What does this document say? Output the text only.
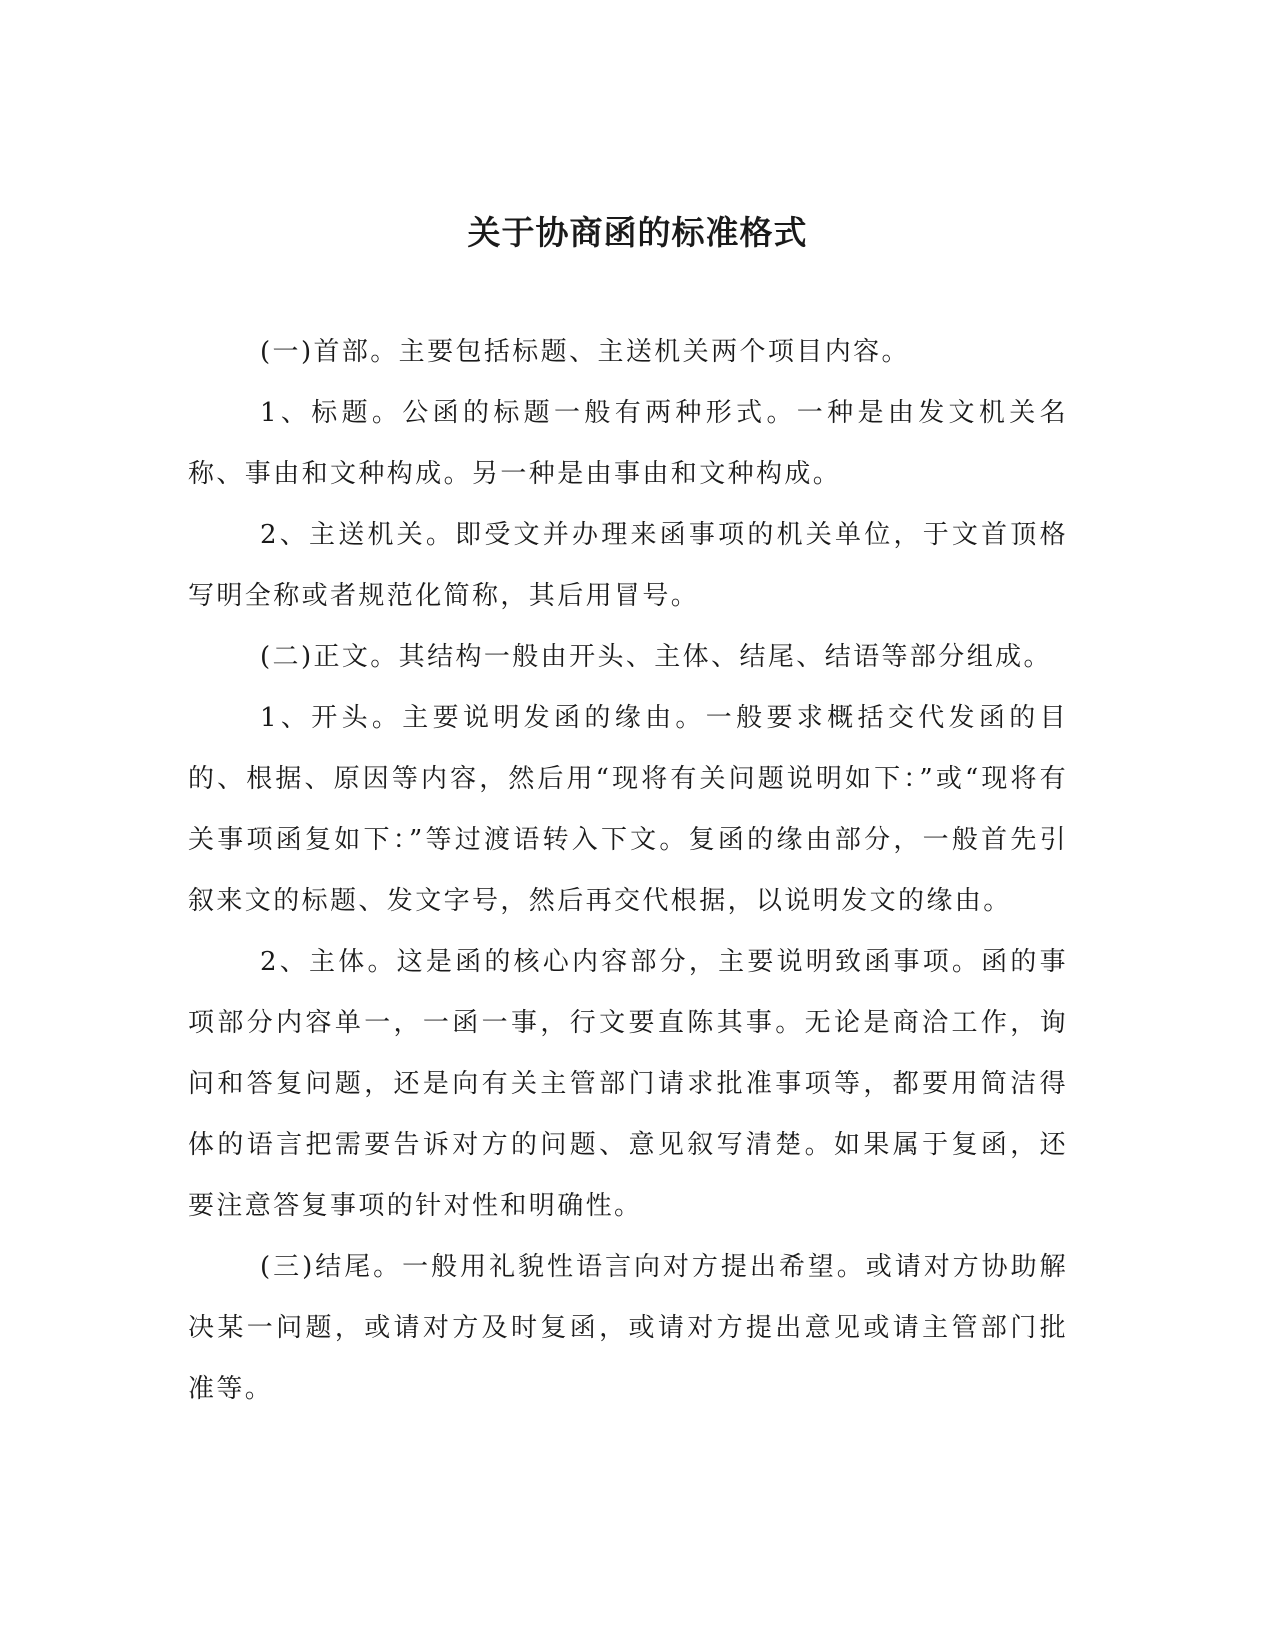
关于协商函的标准格式

(一)首部。主要包括标题、主送机关两个项目内容。

1、标题。公函的标题一般有两种形式。一种是由发文机关名称、事由和文种构成。另一种是由事由和文种构成。

2、主送机关。即受文并办理来函事项的机关单位，于文首顶格写明全称或者规范化简称，其后用冒号。

(二)正文。其结构一般由开头、主体、结尾、结语等部分组成。

1、开头。主要说明发函的缘由。一般要求概括交代发函的目的、根据、原因等内容，然后用“现将有关问题说明如下：”或“现将有关事项函复如下：”等过渡语转入下文。复函的缘由部分，一般首先引叙来文的标题、发文字号，然后再交代根据，以说明发文的缘由。

2、主体。这是函的核心内容部分，主要说明致函事项。函的事项部分内容单一，一函一事，行文要直陈其事。无论是商洽工作，询问和答复问题，还是向有关主管部门请求批准事项等，都要用简洁得体的语言把需要告诉对方的问题、意见叙写清楚。如果属于复函，还要注意答复事项的针对性和明确性。

(三)结尾。一般用礼貌性语言向对方提出希望。或请对方协助解决某一问题，或请对方及时复函，或请对方提出意见或请主管部门批准等。
